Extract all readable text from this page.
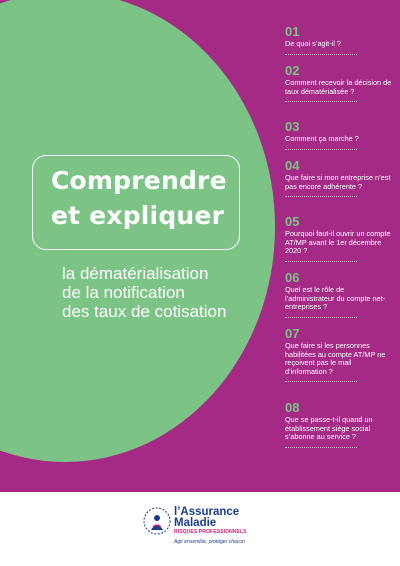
Comprendre
et expliquer
la dématérialisation
de la notification
des taux de cotisation
01
De quoi s’agit-il ?
02
Comment recevoir la décision de taux dématérialisée ?
03
Comment ça marche ?
04
Que faire si mon entreprise n’est pas encore adhérente ?
05
Pourquoi faut-il ouvrir un compte AT/MP avant le 1er décembre 2020 ?
06
Quel est le rôle de l’administrateur du compte net-entreprises ?
07
Que faire si les personnes habilitées au compte AT/MP ne reçoivent pas le mail d’information ?
08
Que se passe-t-il quand un établissement siège social s’abonne au service ?
l’Assurance
Maladie
RISQUES PROFESSIONNELS
Agir ensemble, protéger chacun
